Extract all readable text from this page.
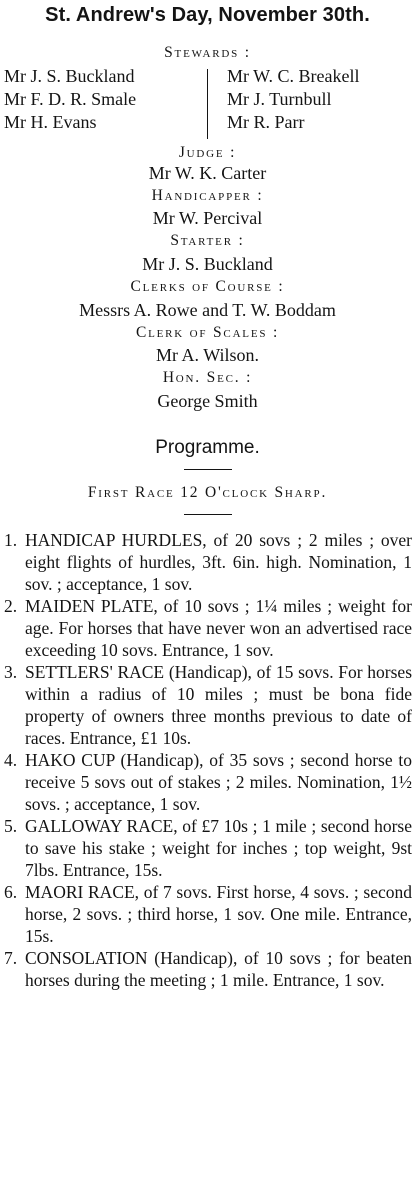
St. Andrew's Day, November 30th.
Stewards :
Mr J. S. Buckland
Mr F. D. R. Smale
Mr H. Evans
Mr W. C. Breakell
Mr J. Turnbull
Mr R. Parr
Judge :
Mr W. K. Carter
Handicapper :
Mr W. Percival
Starter :
Mr J. S. Buckland
Clerks of Course :
Messrs A. Rowe and T. W. Boddam
Clerk of Scales :
Mr A. Wilson.
Hon. Sec. :
George Smith
Programme.
First Race 12 O'clock Sharp.
1. HANDICAP HURDLES, of 20 sovs ; 2 miles ; over eight flights of hurdles, 3ft. 6in. high. Nomination, 1 sov. ; acceptance, 1 sov.
2. MAIDEN PLATE, of 10 sovs ; 1¼ miles ; weight for age. For horses that have never won an advertised race exceeding 10 sovs. Entrance, 1 sov.
3. SETTLERS' RACE (Handicap), of 15 sovs. For horses within a radius of 10 miles ; must be bona fide property of owners three months previous to date of races. Entrance, £1 10s.
4. HAKO CUP (Handicap), of 35 sovs ; second horse to receive 5 sovs out of stakes ; 2 miles. Nomination, 1½ sovs. ; acceptance, 1 sov.
5. GALLOWAY RACE, of £7 10s ; 1 mile ; second horse to save his stake ; weight for inches ; top weight, 9st 7lbs. Entrance, 15s.
6. MAORI RACE, of 7 sovs. First horse, 4 sovs. ; second horse, 2 sovs. ; third horse, 1 sov. One mile. Entrance, 15s.
7. CONSOLATION (Handicap), of 10 sovs ; for beaten horses during the meeting ; 1 mile. Entrance, 1 sov.
